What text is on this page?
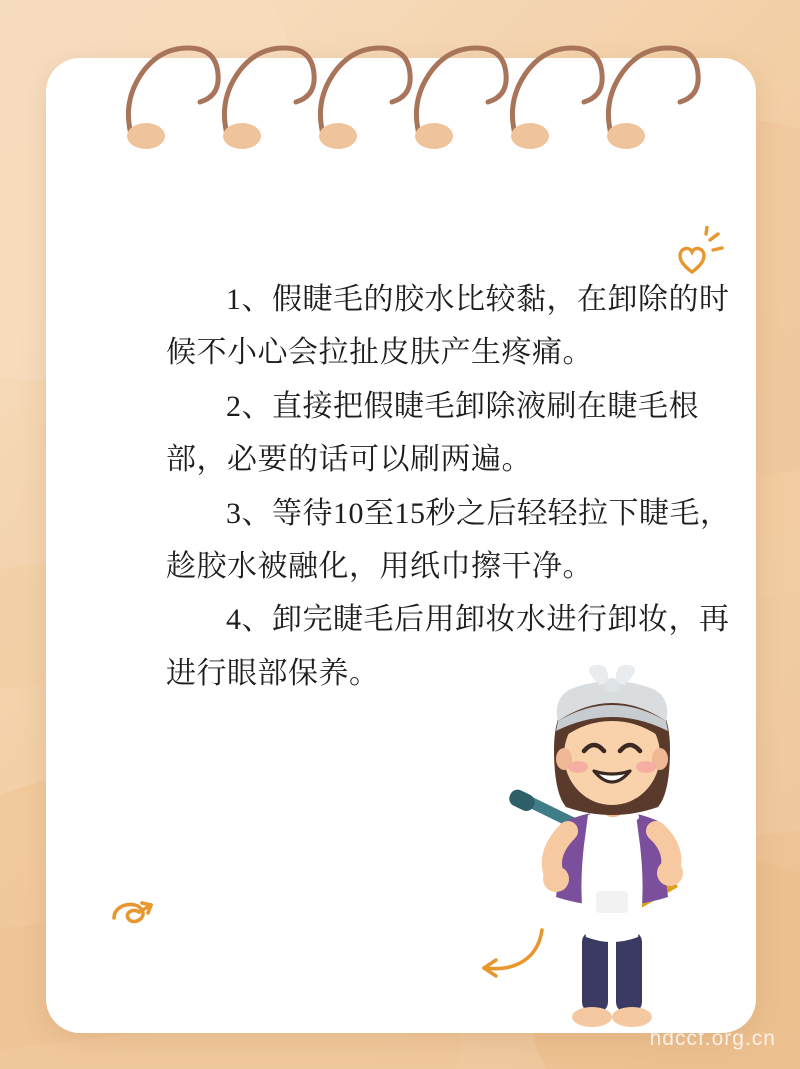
1、假睫毛的胶水比较黏，在卸除的时候不小心会拉扯皮肤产生疼痛。

2、直接把假睫毛卸除液刷在睫毛根部，必要的话可以刷两遍。

3、等待10至15秒之后轻轻拉下睫毛，趁胶水被融化，用纸巾擦干净。

4、卸完睫毛后用卸妆水进行卸妆，再进行眼部保养。

hdccf.org.cn
